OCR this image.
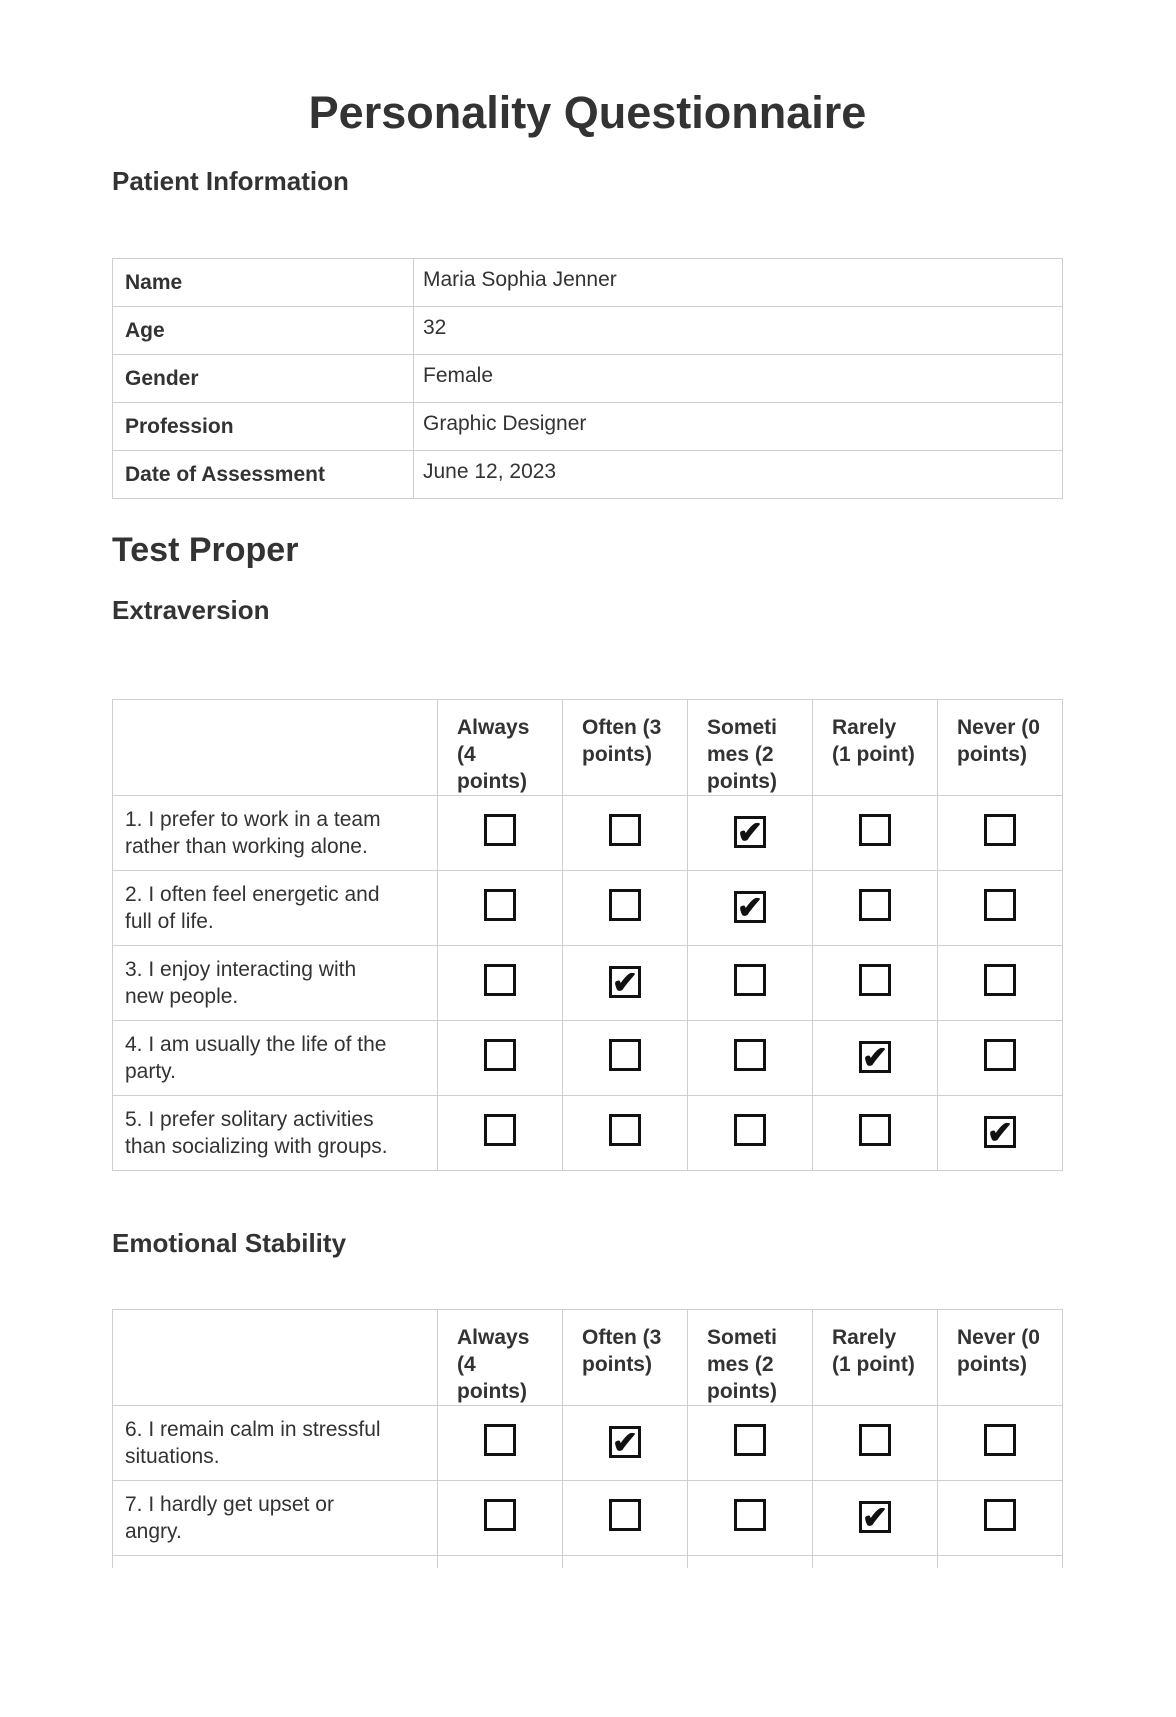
Personality Questionnaire
Patient Information
Name	Maria Sophia Jenner
Age	32
Gender	Female
Profession	Graphic Designer
Date of Assessment	June 12, 2023
Test Proper
Extraversion
	Always (4 points)	Often (3 points)	Sometimes (2 points)	Rarely (1 point)	Never (0 points)
1. I prefer to work in a team rather than working alone.			✔		
2. I often feel energetic and full of life.			✔		
3. I enjoy interacting with new people.		✔			
4. I am usually the life of the party.				✔	
5. I prefer solitary activities than socializing with groups.					✔
Emotional Stability
	Always (4 points)	Often (3 points)	Sometimes (2 points)	Rarely (1 point)	Never (0 points)
6. I remain calm in stressful situations.		✔			
7. I hardly get upset or angry.				✔	
